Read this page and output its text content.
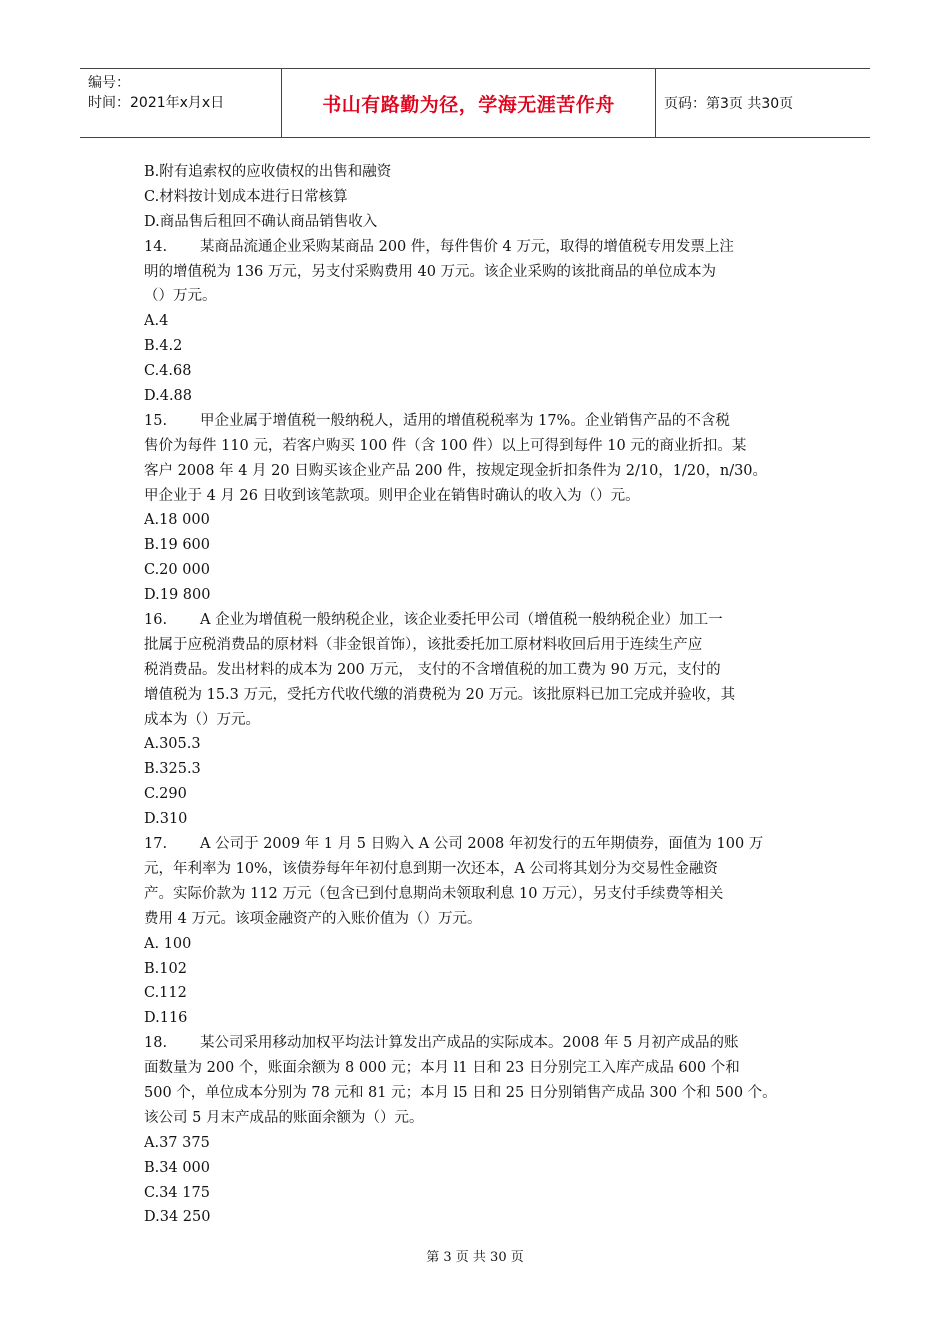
编号：
时间：2021年x月x日	书山有路勤为径，学海无涯苦作舟	页码：第3页 共30页
B.附有追索权的应收债权的出售和融资
C.材料按计划成本进行日常核算
D.商品售后租回不确认商品销售收入
14. 某商品流通企业采购某商品 200 件，每件售价 4 万元，取得的增值税专用发票上注
明的增值税为 136 万元，另支付采购费用 40 万元。该企业采购的该批商品的单位成本为
（）万元。
A.4
B.4.2
C.4.68
D.4.88
15. 甲企业属于增值税一般纳税人，适用的增值税税率为 17%。企业销售产品的不含税
售价为每件 110 元，若客户购买 100 件（含 100 件）以上可得到每件 10 元的商业折扣。某
客户 2008 年 4 月 20 日购买该企业产品 200 件，按规定现金折扣条件为 2/10，1/20，n/30。
甲企业于 4 月 26 日收到该笔款项。则甲企业在销售时确认的收入为（）元。
A.18 000
B.19 600
C.20 000
D.19 800
16. A 企业为增值税一般纳税企业，该企业委托甲公司（增值税一般纳税企业）加工一
批属于应税消费品的原材料（非金银首饰），该批委托加工原材料收回后用于连续生产应
税消费品。发出材料的成本为 200 万元， 支付的不含增值税的加工费为 90 万元，支付的
增值税为 15.3 万元，受托方代收代缴的消费税为 20 万元。该批原料已加工完成并验收，其
成本为（）万元。
A.305.3
B.325.3
C.290
D.310
17. A 公司于 2009 年 1 月 5 日购入 A 公司 2008 年初发行的五年期债券，面值为 100 万
元，年利率为 10%，该债券每年年初付息到期一次还本，A 公司将其划分为交易性金融资
产。实际价款为 112 万元（包含已到付息期尚未领取利息 10 万元），另支付手续费等相关
费用 4 万元。该项金融资产的入账价值为（）万元。
A. 100
B.102
C.112
D.116
18. 某公司采用移动加权平均法计算发出产成品的实际成本。2008 年 5 月初产成品的账
面数量为 200 个，账面余额为 8 000 元；本月 l1 日和 23 日分别完工入库产成品 600 个和
500 个，单位成本分别为 78 元和 81 元；本月 l5 日和 25 日分别销售产成品 300 个和 500 个。
该公司 5 月末产成品的账面余额为（）元。
A.37 375
B.34 000
C.34 175
D.34 250
第 3 页 共 30 页
